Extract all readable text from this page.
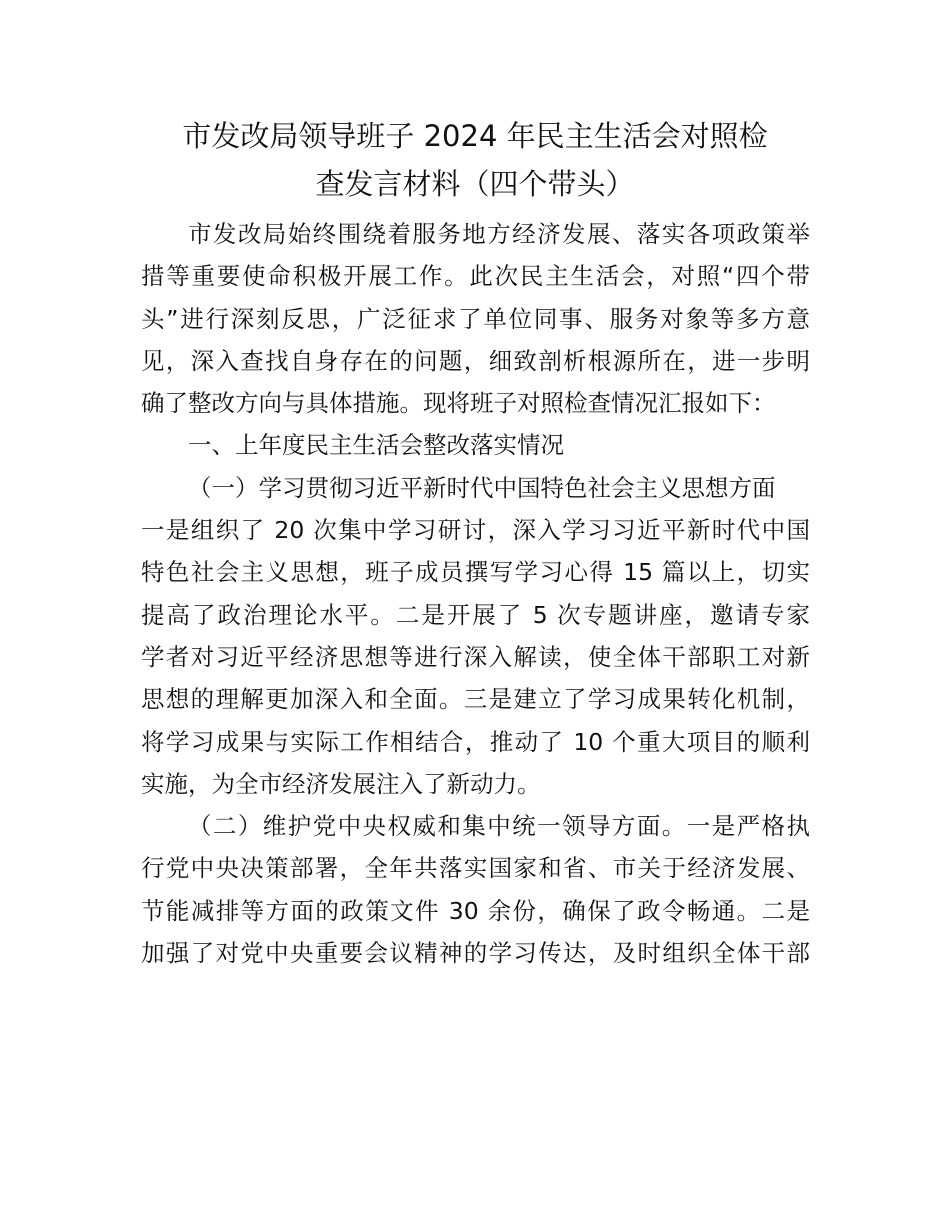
市发改局领导班子 2024 年民主生活会对照检
查发言材料（四个带头）
市发改局始终围绕着服务地方经济发展、落实各项政策举
措等重要使命积极开展工作。此次民主生活会，对照“四个带
头”进行深刻反思，广泛征求了单位同事、服务对象等多方意
见，深入查找自身存在的问题，细致剖析根源所在，进一步明
确了整改方向与具体措施。现将班子对照检查情况汇报如下：
一、上年度民主生活会整改落实情况
（一）学习贯彻习近平新时代中国特色社会主义思想方面
一是组织了 20 次集中学习研讨，深入学习习近平新时代中国
特色社会主义思想，班子成员撰写学习心得 15 篇以上，切实
提高了政治理论水平。二是开展了 5 次专题讲座，邀请专家
学者对习近平经济思想等进行深入解读，使全体干部职工对新
思想的理解更加深入和全面。三是建立了学习成果转化机制，
将学习成果与实际工作相结合，推动了 10 个重大项目的顺利
实施，为全市经济发展注入了新动力。
（二）维护党中央权威和集中统一领导方面。一是严格执
行党中央决策部署，全年共落实国家和省、市关于经济发展、
节能减排等方面的政策文件 30 余份，确保了政令畅通。二是
加强了对党中央重要会议精神的学习传达，及时组织全体干部
